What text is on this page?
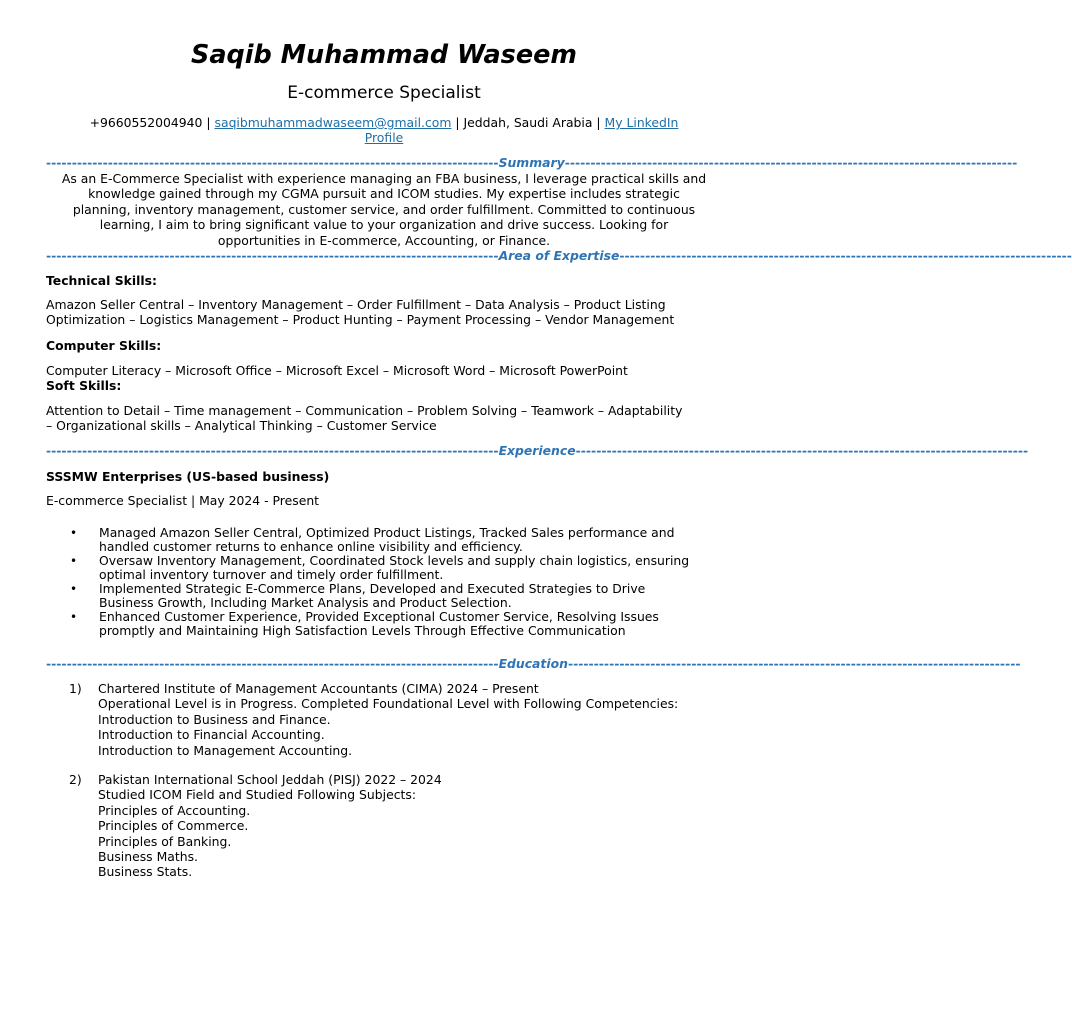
Saqib Muhammad Waseem
E-commerce Specialist
+9660552004940 | saqibmuhammadwaseem@gmail.com | Jeddah, Saudi Arabia | My LinkedIn
Profile
---------------------------------------------------------------------------------------- Summary ----------------------------------------------------------------------------------------
As an E-Commerce Specialist with experience managing an FBA business, I leverage practical skills and
knowledge gained through my CGMA pursuit and ICOM studies. My expertise includes strategic
planning, inventory management, customer service, and order fulfillment. Committed to continuous
learning, I aim to bring significant value to your organization and drive success. Looking for
opportunities in E-commerce, Accounting, or Finance.
---------------------------------------------------------------------------------------- Area of Expertise ----------------------------------------------------------------------------------------
Technical Skills:
Amazon Seller Central – Inventory Management – Order Fulfillment – Data Analysis – Product Listing
Optimization – Logistics Management – Product Hunting – Payment Processing – Vendor Management
Computer Skills:
Computer Literacy – Microsoft Office – Microsoft Excel – Microsoft Word – Microsoft PowerPoint
Soft Skills:
Attention to Detail – Time management – Communication – Problem Solving – Teamwork – Adaptability
– Organizational skills – Analytical Thinking – Customer Service
---------------------------------------------------------------------------------------- Experience ----------------------------------------------------------------------------------------
SSSMW Enterprises (US-based business)
E-commerce Specialist | May 2024 - Present
•	Managed Amazon Seller Central, Optimized Product Listings, Tracked Sales performance and
handled customer returns to enhance online visibility and efficiency.
•	Oversaw Inventory Management, Coordinated Stock levels and supply chain logistics, ensuring
optimal inventory turnover and timely order fulfillment.
•	Implemented Strategic E-Commerce Plans, Developed and Executed Strategies to Drive
Business Growth, Including Market Analysis and Product Selection.
•	Enhanced Customer Experience, Provided Exceptional Customer Service, Resolving Issues
promptly and Maintaining High Satisfaction Levels Through Effective Communication
---------------------------------------------------------------------------------------- Education ----------------------------------------------------------------------------------------
1)	Chartered Institute of Management Accountants (CIMA) 2024 – Present
Operational Level is in Progress. Completed Foundational Level with Following Competencies:
Introduction to Business and Finance.
Introduction to Financial Accounting.
Introduction to Management Accounting.
2)	Pakistan International School Jeddah (PISJ) 2022 – 2024
Studied ICOM Field and Studied Following Subjects:
Principles of Accounting.
Principles of Commerce.
Principles of Banking.
Business Maths.
Business Stats.
